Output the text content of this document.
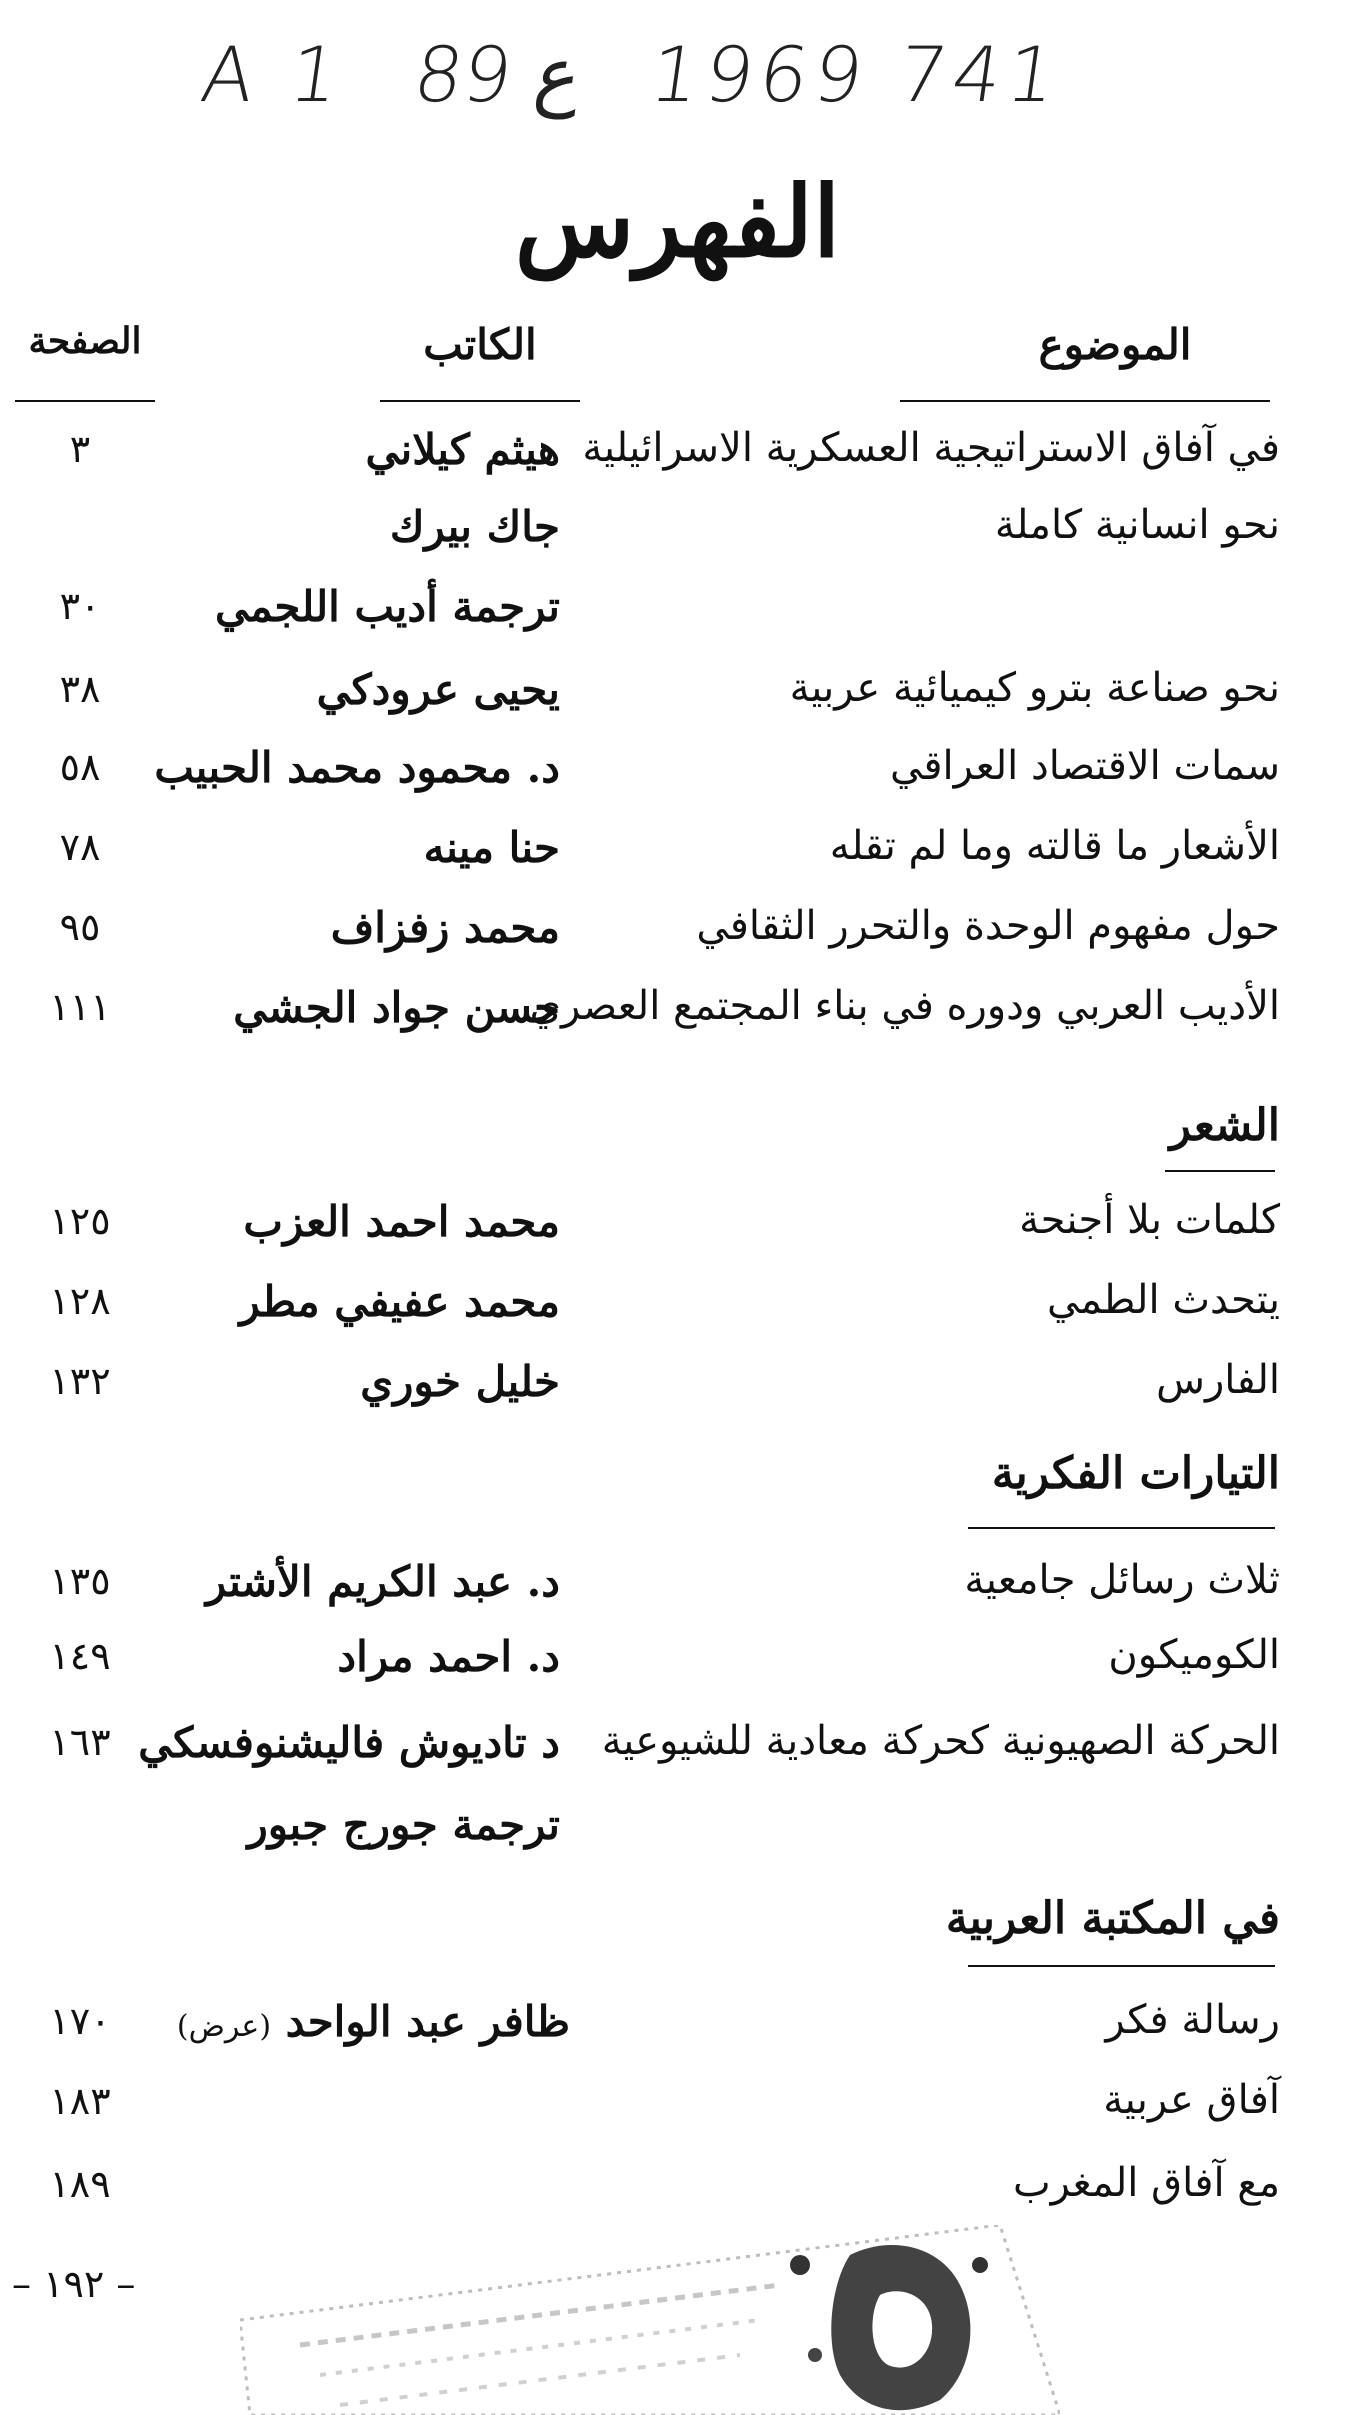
A 1 89 ع 1969 741
الفهرس
الموضوع
الكاتب
الصفحة
في آفاق الاستراتيجية العسكرية الاسرائيلية
هيثم كيلاني
٣
نحو انسانية كاملة
جاك بيرك
ترجمة أديب اللجمي
٣٠
نحو صناعة بترو كيميائية عربية
يحيى عرودكي
٣٨
سمات الاقتصاد العراقي
د. محمود محمد الحبيب
٥٨
الأشعار ما قالته وما لم تقله
حنا مينه
٧٨
حول مفهوم الوحدة والتحرر الثقافي
محمد زفزاف
٩٥
الأديب العربي ودوره في بناء المجتمع العصري
حسن جواد الجشي
١١١
الشعر
كلمات بلا أجنحة
محمد احمد العزب
١٢٥
يتحدث الطمي
محمد عفيفي مطر
١٢٨
الفارس
خليل خوري
١٣٢
التيارات الفكرية
ثلاث رسائل جامعية
د. عبد الكريم الأشتر
١٣٥
الكوميكون
د. احمد مراد
١٤٩
الحركة الصهيونية كحركة معادية للشيوعية
د تاديوش فاليشنوفسكي
١٦٣
ترجمة جورج جبور
في المكتبة العربية
رسالة فكر
ظافر عبد الواحد (عرض)
١٧٠
آفاق عربية
١٨٣
مع آفاق المغرب
١٨٩
– ١٩٢ –
